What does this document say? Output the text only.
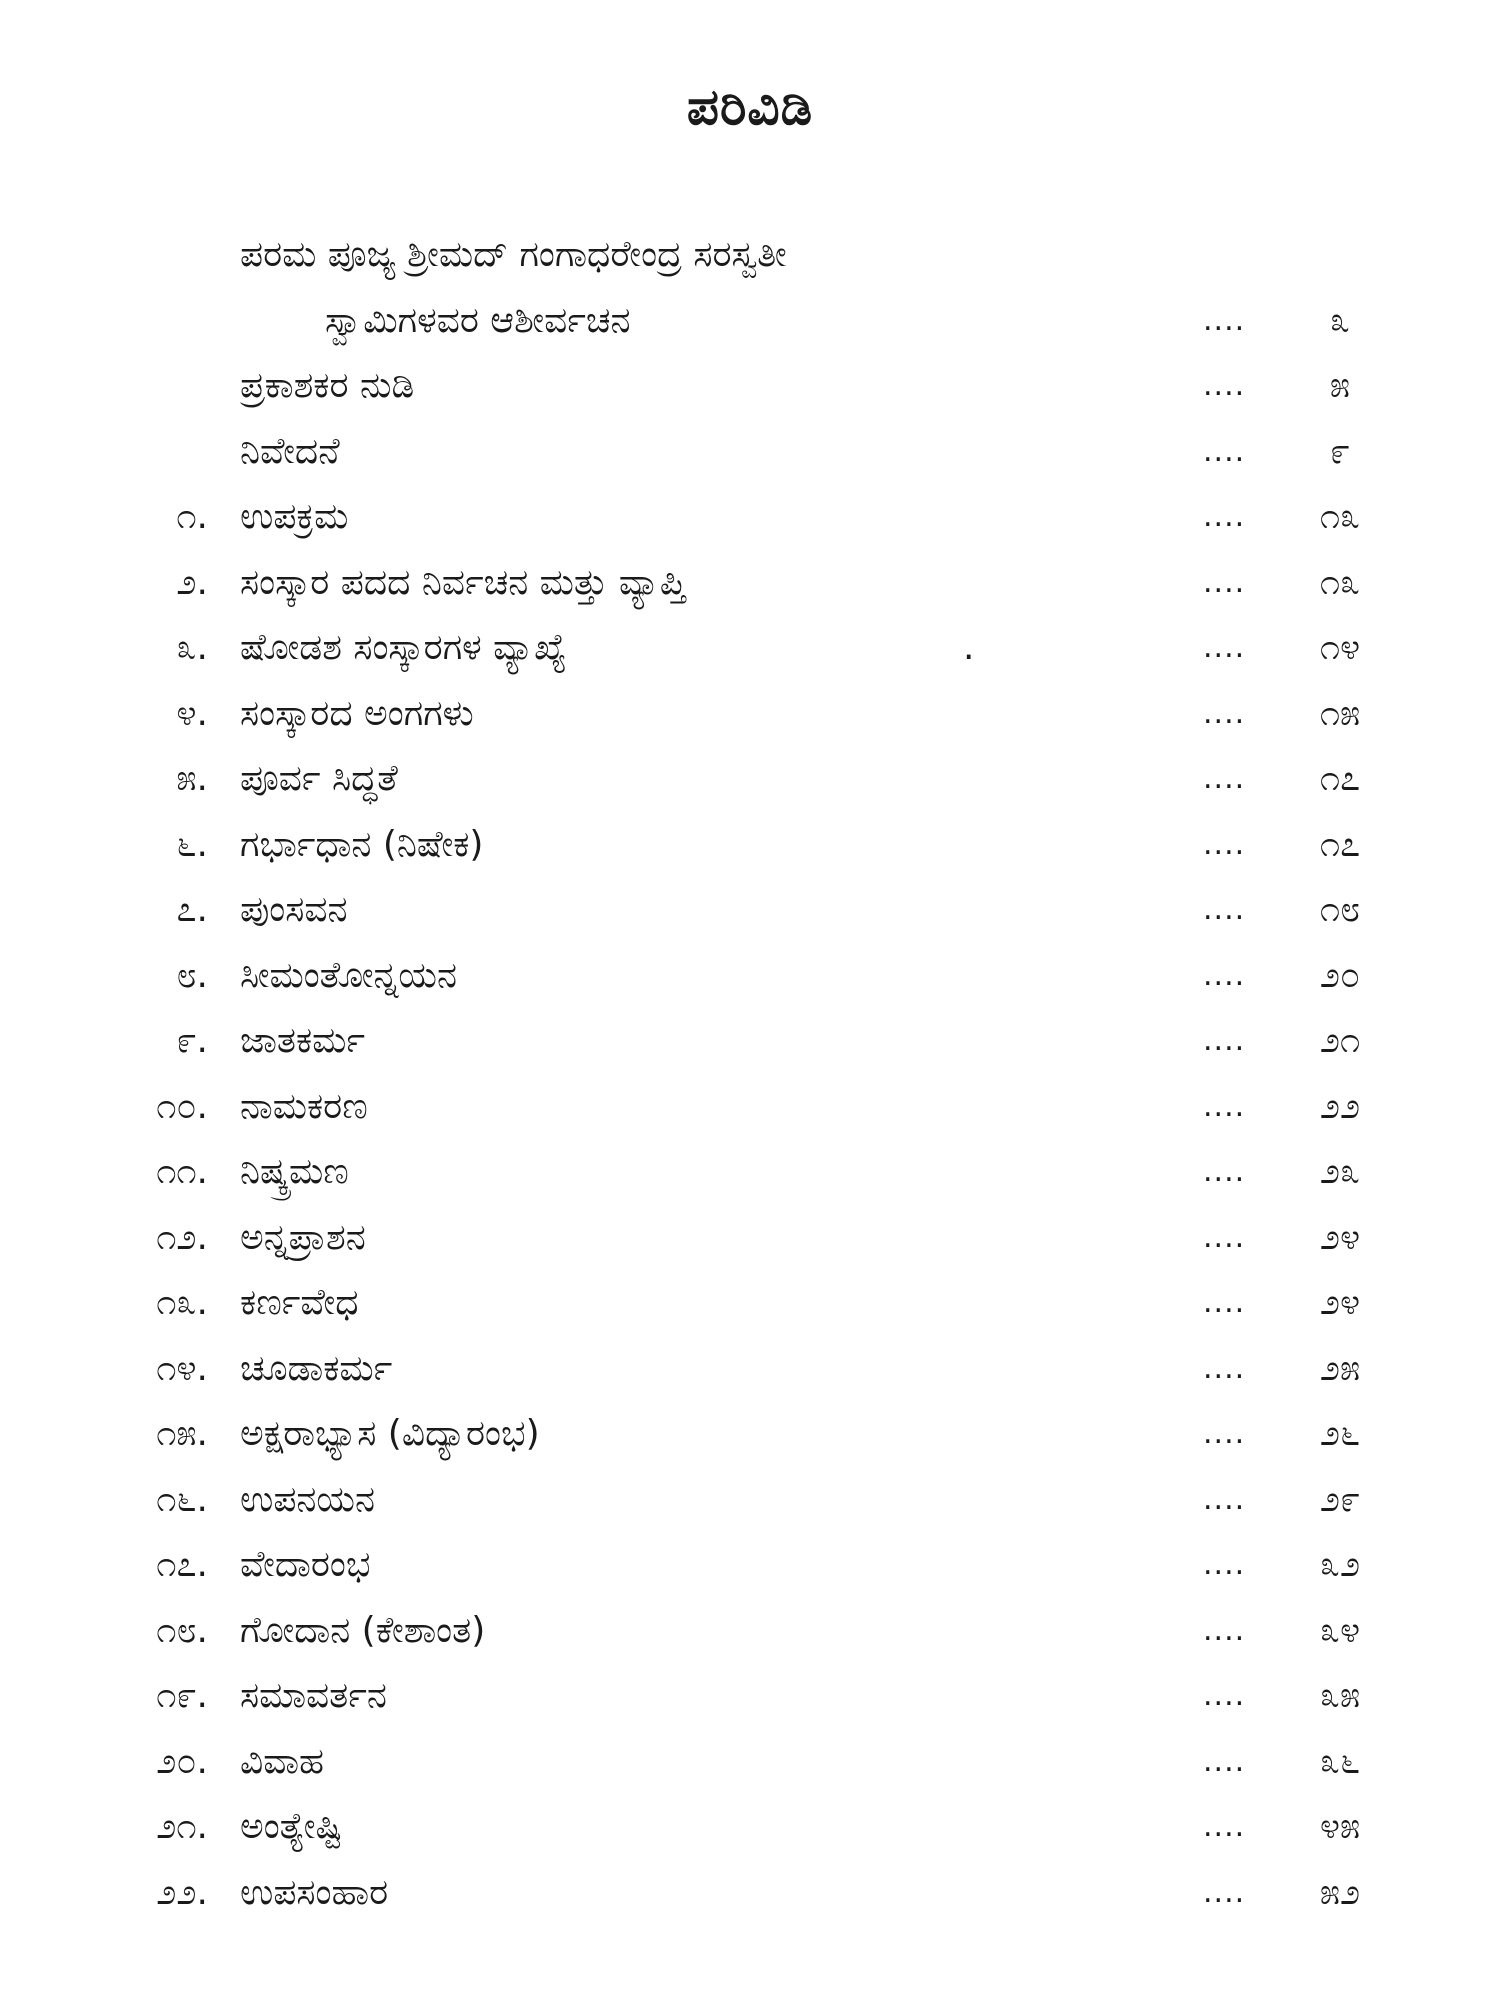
ಪರಿವಿಡಿ
ಪರಮ ಪೂಜ್ಯ ಶ್ರೀಮದ್ ಗಂಗಾಧರೇಂದ್ರ ಸರಸ್ವತೀ
ಸ್ವಾಮಿಗಳವರ ಆಶೀರ್ವಚನ	....	೩
ಪ್ರಕಾಶಕರ ನುಡಿ	....	೫
ನಿವೇದನೆ	....	೯
೧. ಉಪಕ್ರಮ	....	೧೩
೨. ಸಂಸ್ಕಾರ ಪದದ ನಿರ್ವಚನ ಮತ್ತು ವ್ಯಾಪ್ತಿ	....	೧೩
೩. ಷೋಡಶ ಸಂಸ್ಕಾರಗಳ ವ್ಯಾಖ್ಯೆ	.	....	೧೪
೪. ಸಂಸ್ಕಾರದ ಅಂಗಗಳು	....	೧೫
೫. ಪೂರ್ವ ಸಿದ್ಧತೆ	....	೧೭
೬. ಗರ್ಭಾಧಾನ (ನಿಷೇಕ)	....	೧೭
೭. ಪುಂಸವನ	....	೧೮
೮. ಸೀಮಂತೋನ್ನಯನ	....	೨೦
೯. ಜಾತಕರ್ಮ	....	೨೧
೧೦. ನಾಮಕರಣ	....	೨೨
೧೧. ನಿಷ್ಕ್ರಮಣ	....	೨೩
೧೨. ಅನ್ನಪ್ರಾಶನ	....	೨೪
೧೩. ಕರ್ಣವೇಧ	....	೨೪
೧೪. ಚೂಡಾಕರ್ಮ	....	೨೫
೧೫. ಅಕ್ಷರಾಭ್ಯಾಸ (ವಿದ್ಯಾರಂಭ)	....	೨೬
೧೬. ಉಪನಯನ	....	೨೯
೧೭. ವೇದಾರಂಭ	....	೩೨
೧೮. ಗೋದಾನ (ಕೇಶಾಂತ)	....	೩೪
೧೯. ಸಮಾವರ್ತನ	....	೩೫
೨೦. ವಿವಾಹ	....	೩೬
೨೧. ಅಂತ್ಯೇಷ್ಟಿ	....	೪೫
೨೨. ಉಪಸಂಹಾರ	....	೫೨
